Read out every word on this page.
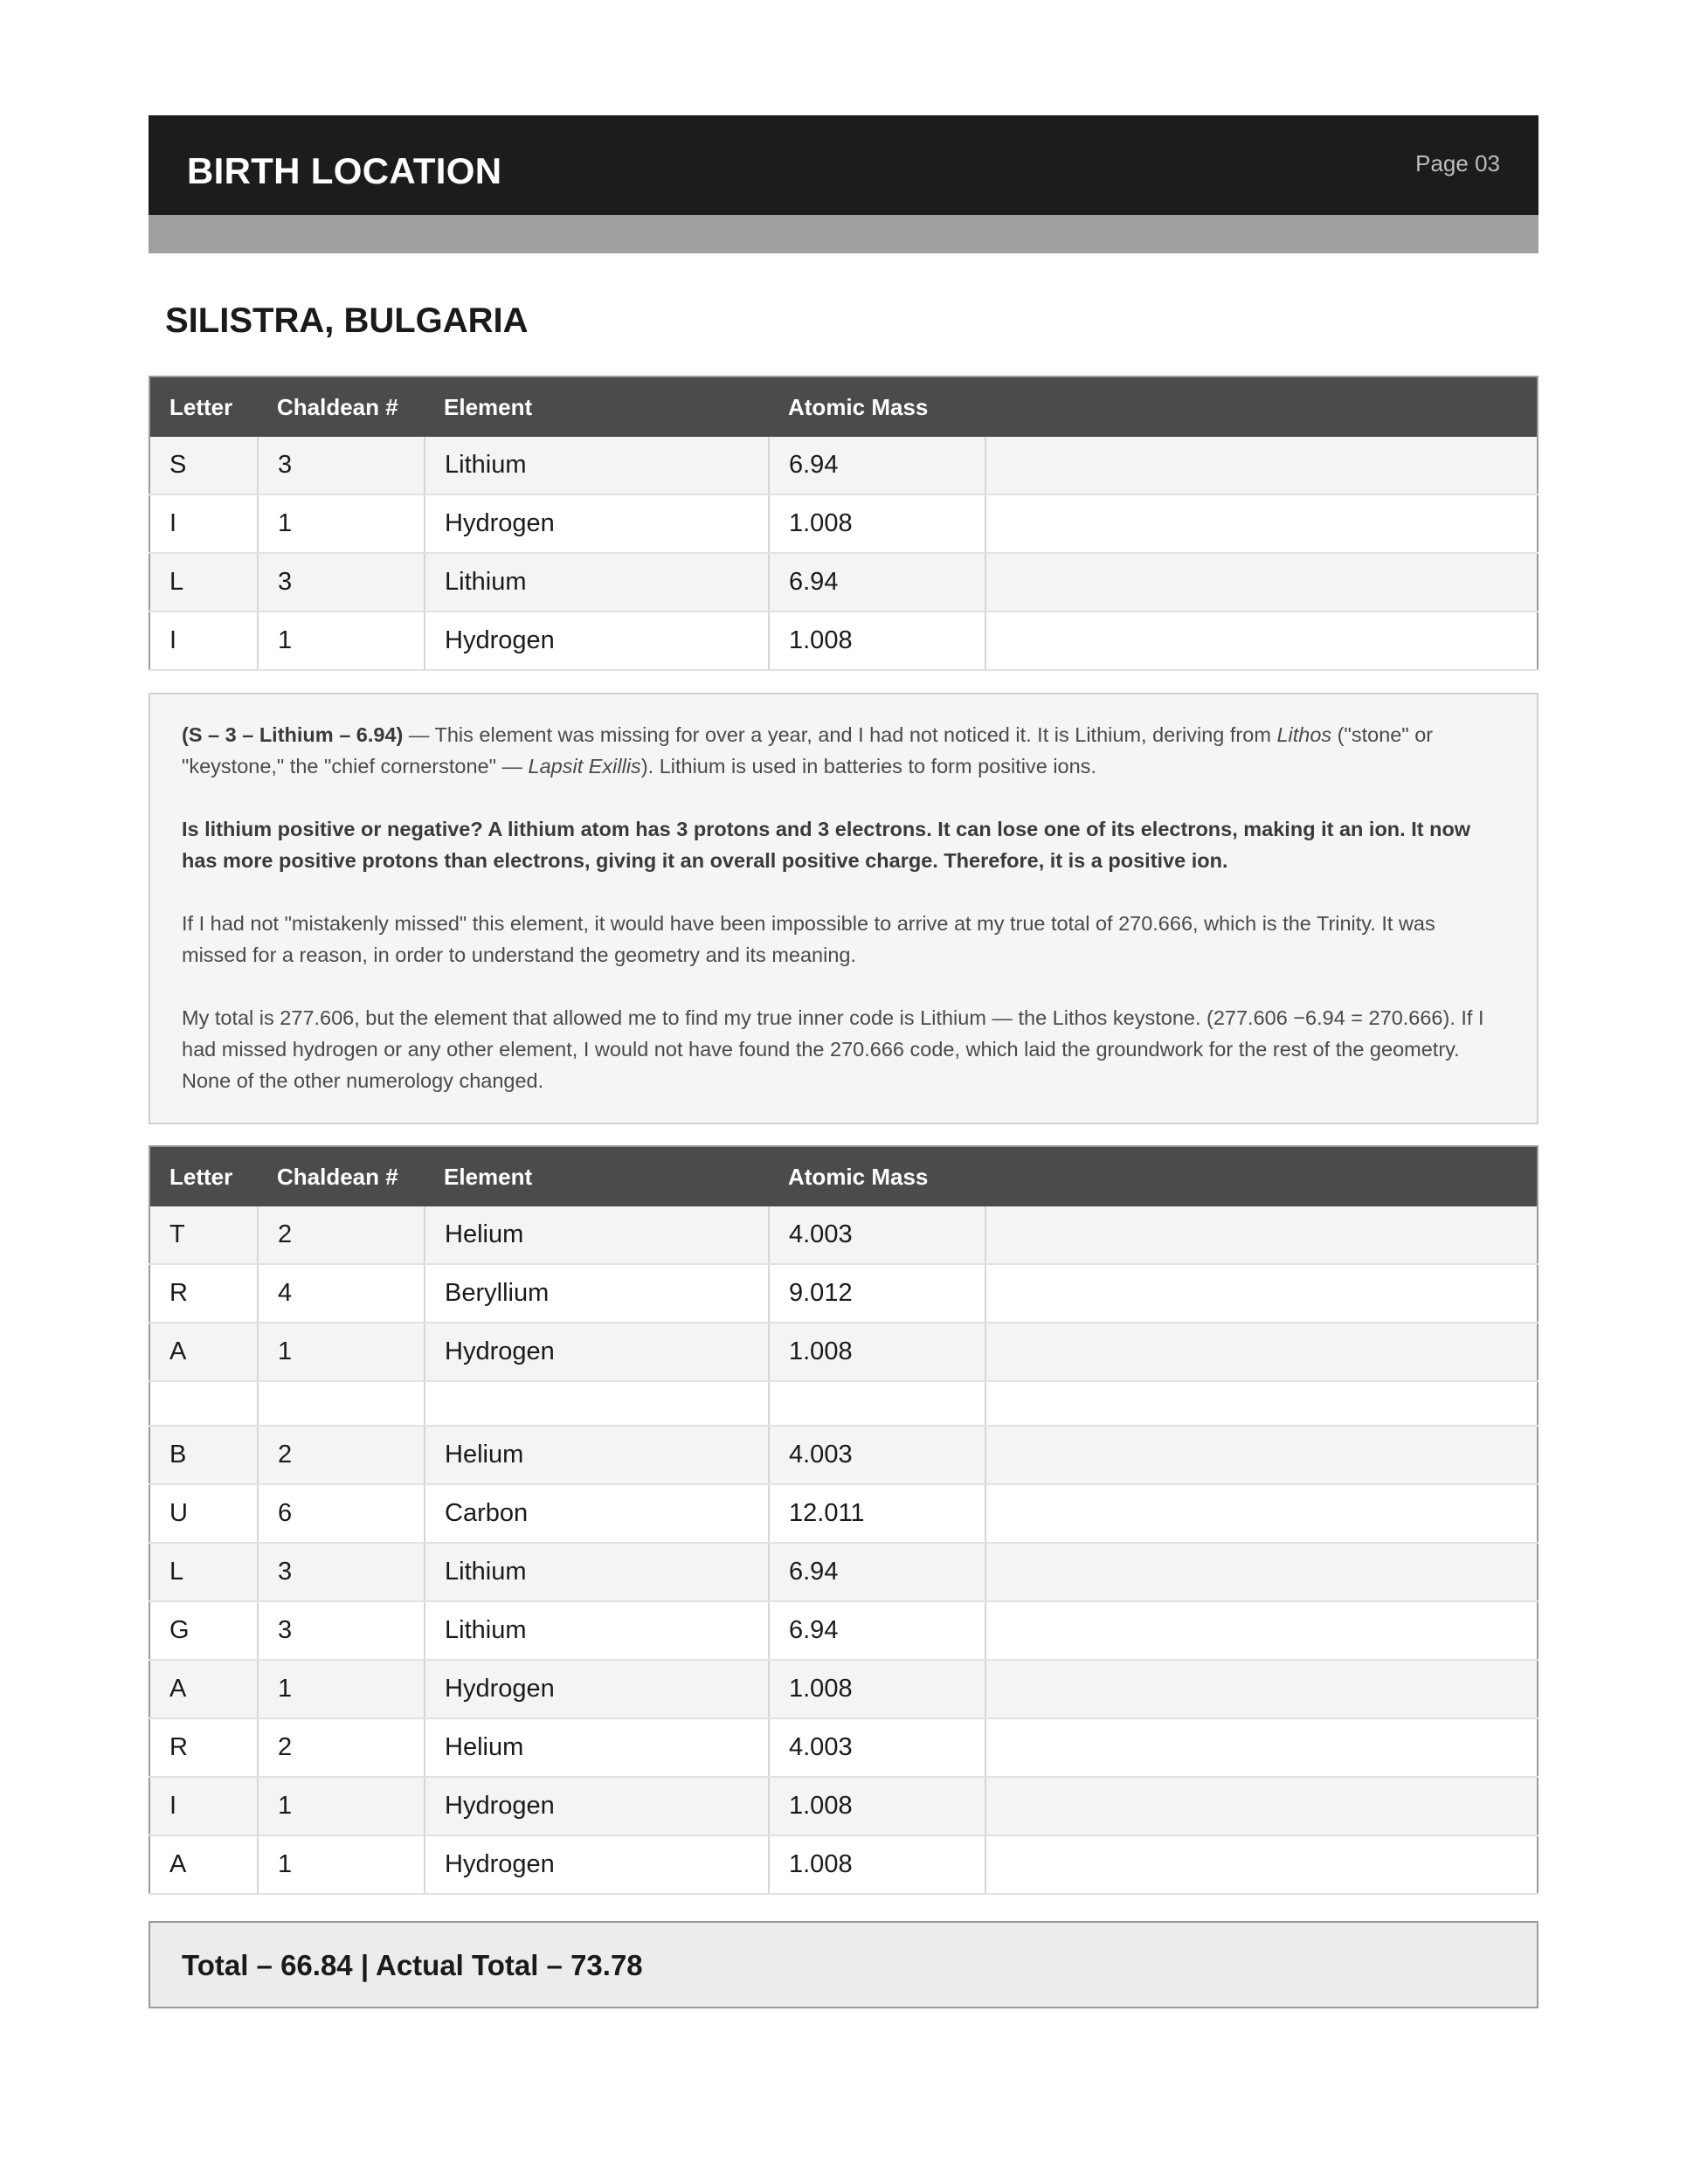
BIRTH LOCATION	Page 03
SILISTRA, BULGARIA
Letter	Chaldean #	Element	Atomic Mass	
S	3	Lithium	6.94	
I	1	Hydrogen	1.008	
L	3	Lithium	6.94	
I	1	Hydrogen	1.008	

(S – 3 – Lithium – 6.94) — This element was missing for over a year, and I had not noticed it. It is Lithium, deriving from Lithos ("stone" or "keystone," the "chief cornerstone" — Lapsit Exillis). Lithium is used in batteries to form positive ions.

Is lithium positive or negative? A lithium atom has 3 protons and 3 electrons. It can lose one of its electrons, making it an ion. It now has more positive protons than electrons, giving it an overall positive charge. Therefore, it is a positive ion.

If I had not "mistakenly missed" this element, it would have been impossible to arrive at my true total of 270.666, which is the Trinity. It was missed for a reason, in order to understand the geometry and its meaning.

My total is 277.606, but the element that allowed me to find my true inner code is Lithium — the Lithos keystone. (277.606 −6.94 = 270.666). If I had missed hydrogen or any other element, I would not have found the 270.666 code, which laid the groundwork for the rest of the geometry. None of the other numerology changed.

Letter	Chaldean #	Element	Atomic Mass	
T	2	Helium	4.003	
R	4	Beryllium	9.012	
A	1	Hydrogen	1.008	

B	2	Helium	4.003	
U	6	Carbon	12.011	
L	3	Lithium	6.94	
G	3	Lithium	6.94	
A	1	Hydrogen	1.008	
R	2	Helium	4.003	
I	1	Hydrogen	1.008	
A	1	Hydrogen	1.008	
Total – 66.84 | Actual Total – 73.78
